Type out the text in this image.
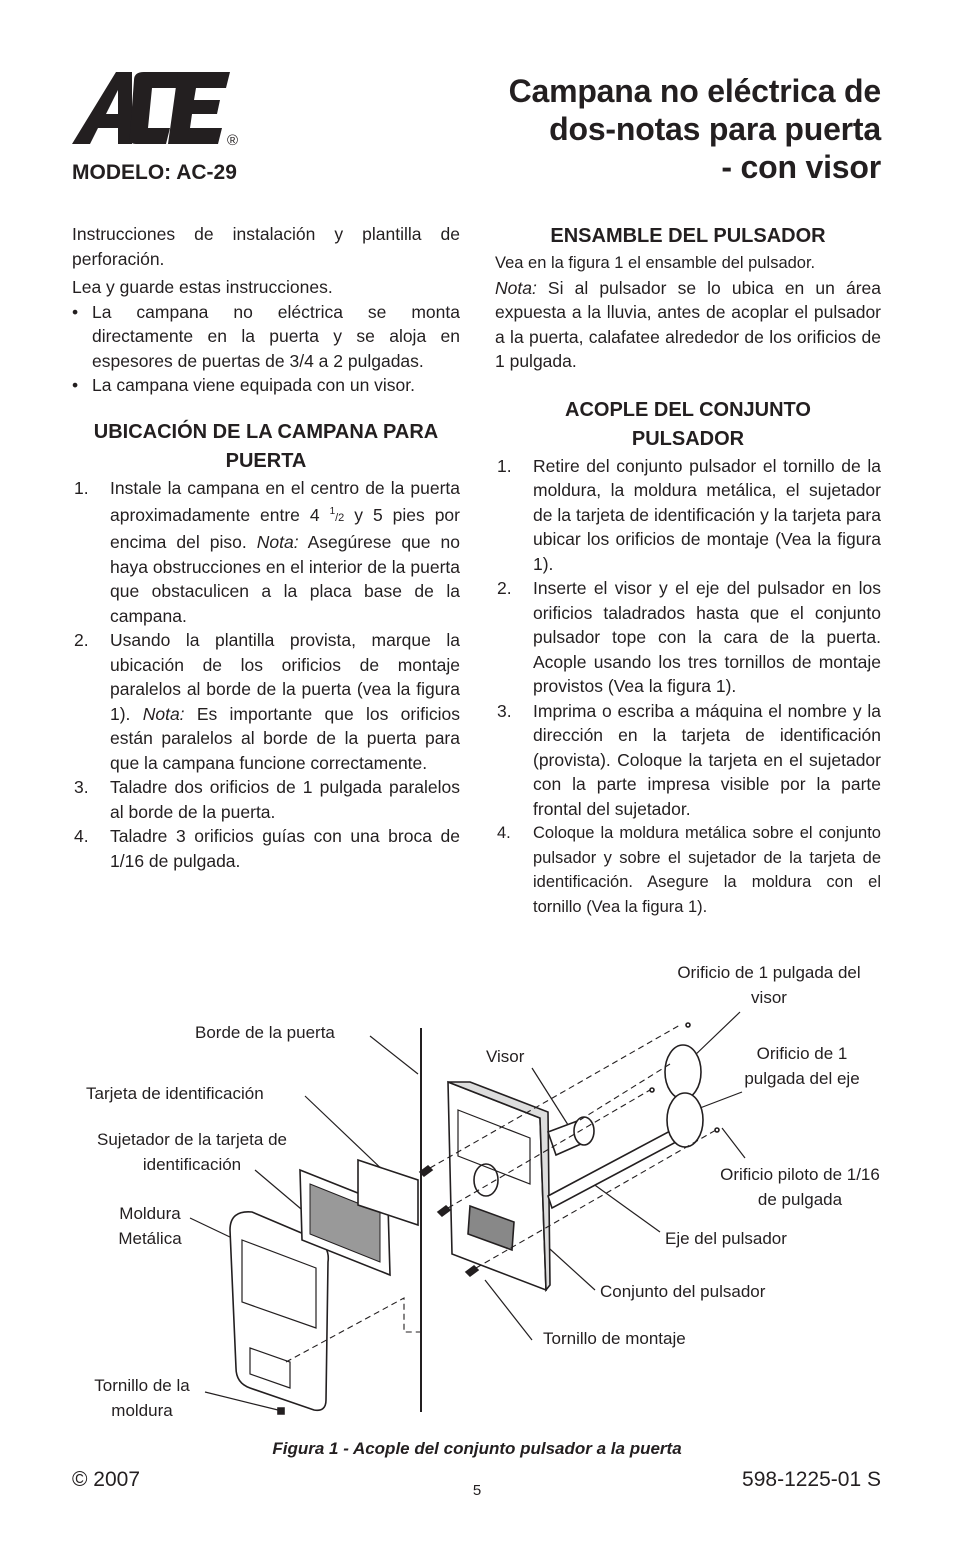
®
MODELO: AC-29
Campana no eléctrica de
dos-notas para puerta
- con visor

Instrucciones de instalación y plantilla de perforación.

Lea y guarde estas instrucciones.

• La campana no eléctrica se monta directamente en la puerta y se aloja en espesores de puertas de 3/4 a 2 pulgadas.
• La campana viene equipada con un visor.
UBICACIÓN DE LA CAMPANA PARA PUERTA
1. Instale la campana en el centro de la puerta aproximadamente entre 4 $^1$/2 y 5 pies por encima del piso. Nota: Asegúrese que no haya obstrucciones en el interior de la puerta que obstaculicen a la placa base de la campana.
2. Usando la plantilla provista, marque la ubicación de los orificios de montaje paralelos al borde de la puerta (vea la figura 1). Nota: Es importante que los orificios están paralelos al borde de la puerta para que la campana funcione correctamente.
3. Taladre dos orificios de 1 pulgada paralelos al borde de la puerta.
4. Taladre 3 orificios guías con una broca de 1/16 de pulgada.
ENSAMBLE DEL PULSADOR

Vea en la figura 1 el ensamble del pulsador.

Nota: Si al pulsador se lo ubica en un área expuesta a la lluvia, antes de acoplar el pulsador a la puerta, calafatee alrededor de los orificios de 1 pulgada.

ACOPLE DEL CONJUNTO PULSADOR
1. Retire del conjunto pulsador el tornillo de la moldura, la moldura metálica, el sujetador de la tarjeta de identificación y la tarjeta para ubicar los orificios de montaje (Vea la figura 1).
2. Inserte el visor y el eje del pulsador en los orificios taladrados hasta que el conjunto pulsador tope con la cara de la puerta. Acople usando los tres tornillos de montaje provistos (Vea la figura 1).
3. Imprima o escriba a máquina el nombre y la dirección en la tarjeta de identificación (provista). Coloque la tarjeta en el sujetador con la parte impresa visible por la parte frontal del sujetador.
4. Coloque la moldura metálica sobre el conjunto pulsador y sobre el sujetador de la tarjeta de identificación. Asegure la moldura con el tornillo (Vea la figura 1).
Borde de la puerta
Tarjeta de identificación
Sujetador de la tarjeta de identificación
Moldura Metálica
Tornillo de la moldura
Visor
Orificio de 1 pulgada del visor
Orificio de 1 pulgada del eje
Orificio piloto de 1/16 de pulgada
Eje del pulsador
Conjunto del pulsador
Tornillo de montaje
Figura 1 - Acople del conjunto pulsador a la puerta
© 2007	5	598-1225-01 S
